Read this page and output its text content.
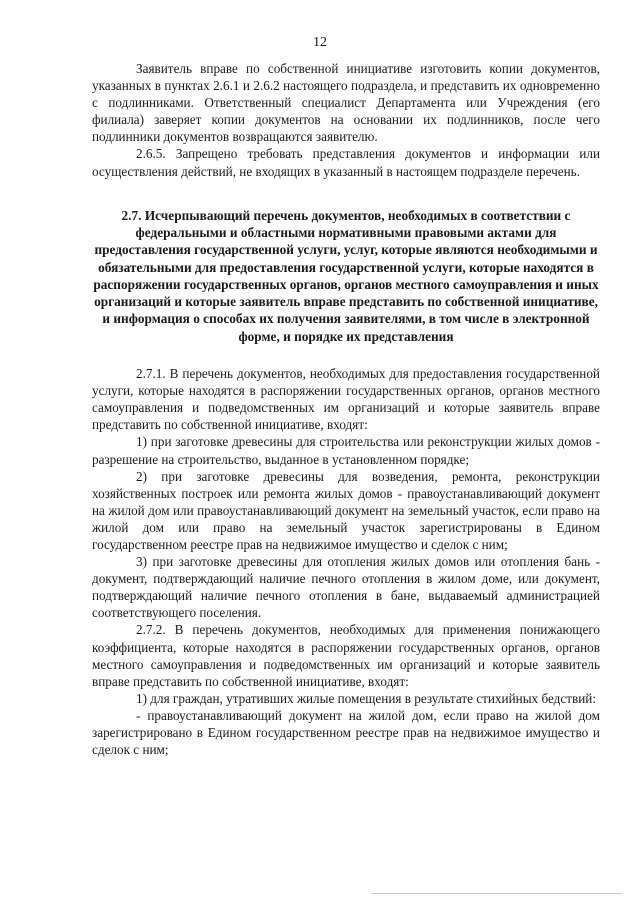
12

Заявитель вправе по собственной инициативе изготовить копии документов, указанных в пунктах 2.6.1 и 2.6.2 настоящего подраздела, и представить их одновременно с подлинниками. Ответственный специалист Департамента или Учреждения (его филиала) заверяет копии документов на основании их подлинников, после чего подлинники документов возвращаются заявителю.

2.6.5. Запрещено требовать представления документов и информации или осуществления действий, не входящих в указанный в настоящем подразделе перечень.

2.7. Исчерпывающий перечень документов, необходимых в соответствии с федеральными и областными нормативными правовыми актами для предоставления государственной услуги, услуг, которые являются необходимыми и обязательными для предоставления государственной услуги, которые находятся в распоряжении государственных органов, органов местного самоуправления и иных организаций и которые заявитель вправе представить по собственной инициативе, и информация о способах их получения заявителями, в том числе в электронной форме, и порядке их представления

2.7.1. В перечень документов, необходимых для предоставления государственной услуги, которые находятся в распоряжении государственных органов, органов местного самоуправления и подведомственных им организаций и которые заявитель вправе представить по собственной инициативе, входят:

1) при заготовке древесины для строительства или реконструкции жилых домов - разрешение на строительство, выданное в установленном порядке;

2) при заготовке древесины для возведения, ремонта, реконструкции хозяйственных построек или ремонта жилых домов - правоустанавливающий документ на жилой дом или правоустанавливающий документ на земельный участок, если право на жилой дом или право на земельный участок зарегистрированы в Едином государственном реестре прав на недвижимое имущество и сделок с ним;

3) при заготовке древесины для отопления жилых домов или отопления бань - документ, подтверждающий наличие печного отопления в жилом доме, или документ, подтверждающий наличие печного отопления в бане, выдаваемый администрацией соответствующего поселения.

2.7.2. В перечень документов, необходимых для применения понижающего коэффициента, которые находятся в распоряжении государственных органов, органов местного самоуправления и подведомственных им организаций и которые заявитель вправе представить по собственной инициативе, входят:

1) для граждан, утративших жилые помещения в результате стихийных бедствий:

- правоустанавливающий документ на жилой дом, если право на жилой дом зарегистрировано в Едином государственном реестре прав на недвижимое имущество и сделок с ним;
